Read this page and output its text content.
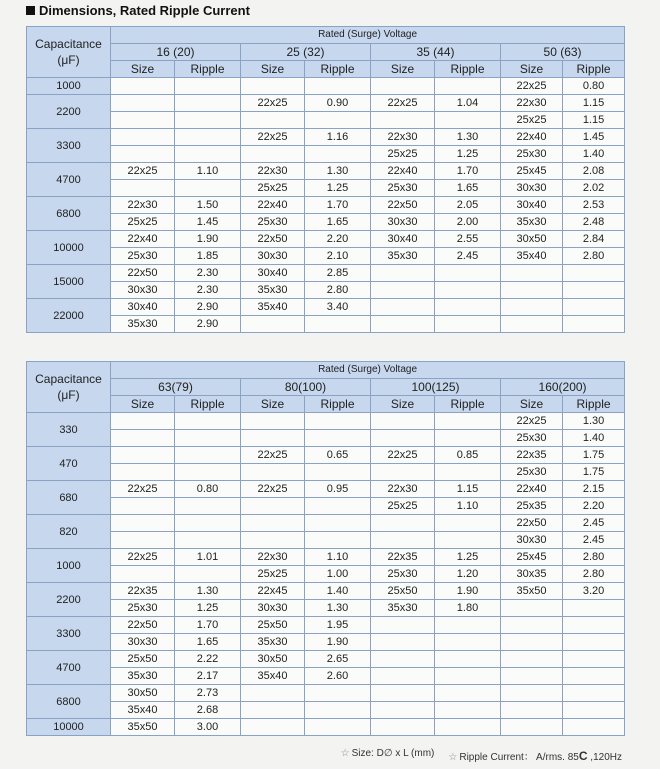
Dimensions, Rated Ripple Current
Capacitance
(μF)	Rated (Surge) Voltage							
	16 (20)		25 (32)		35 (44)		50 (63)	
	Size	Ripple	Size	Ripple	Size	Ripple	Size	Ripple
1000							22x25	0.80
2200			22x25	0.90	22x25	1.04	22x30	1.15
							25x25	1.15
3300			22x25	1.16	22x30	1.30	22x40	1.45
					25x25	1.25	25x30	1.40
4700	22x25	1.10	22x30	1.30	22x40	1.70	25x45	2.08
			25x25	1.25	25x30	1.65	30x30	2.02
6800	22x30	1.50	22x40	1.70	22x50	2.05	30x40	2.53
	25x25	1.45	25x30	1.65	30x30	2.00	35x30	2.48
10000	22x40	1.90	22x50	2.20	30x40	2.55	30x50	2.84
	25x30	1.85	30x30	2.10	35x30	2.45	35x40	2.80
15000	22x50	2.30	30x40	2.85				
	30x30	2.30	35x30	2.80				
22000	30x40	2.90	35x40	3.40				
	35x30	2.90						
Capacitance
(μF)	Rated (Surge) Voltage							
	63(79)		80(100)		100(125)		160(200)	
	Size	Ripple	Size	Ripple	Size	Ripple	Size	Ripple
330							22x25	1.30
							25x30	1.40
470			22x25	0.65	22x25	0.85	22x35	1.75
							25x30	1.75
680	22x25	0.80	22x25	0.95	22x30	1.15	22x40	2.15
					25x25	1.10	25x35	2.20
820							22x50	2.45
							30x30	2.45
1000	22x25	1.01	22x30	1.10	22x35	1.25	25x45	2.80
			25x25	1.00	25x30	1.20	30x35	2.80
2200	22x35	1.30	22x45	1.40	25x50	1.90	35x50	3.20
	25x30	1.25	30x30	1.30	35x30	1.80		
3300	22x50	1.70	25x50	1.95				
	30x30	1.65	35x30	1.90				
4700	25x50	2.22	30x50	2.65				
	35x30	2.17	35x40	2.60				
6800	30x50	2.73						
	35x40	2.68						
10000	35x50	3.00						
☆ Size: D∅ x L (mm) ☆ Ripple Current： A/rms. 85C ,120Hz
